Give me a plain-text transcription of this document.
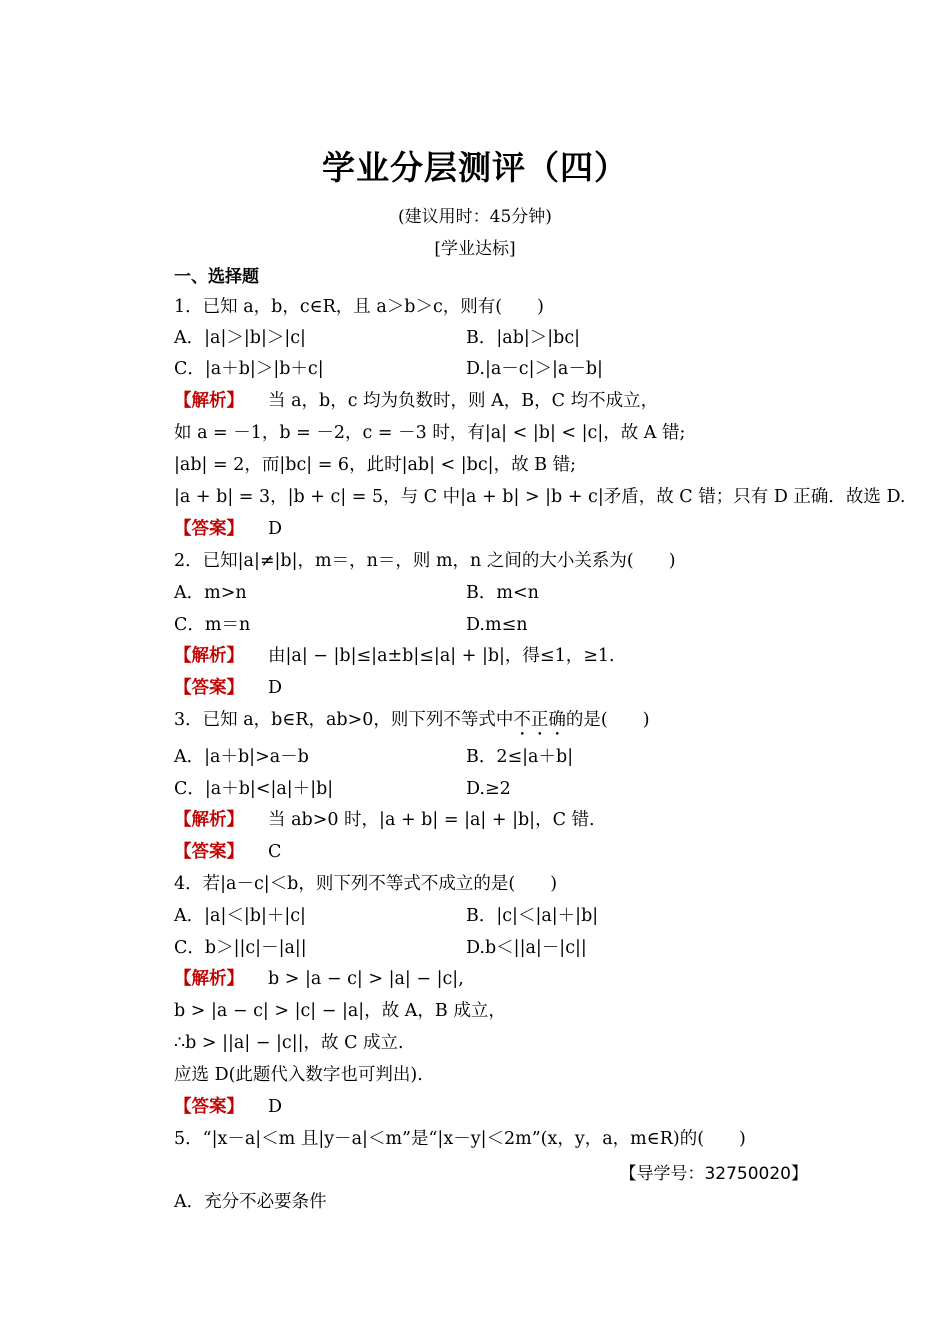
学业分层测评（四）
(建议用时：45分钟)
[学业达标]
一、选择题
1．已知 a，b，c∈R，且 a＞b＞c，则有(　　)
A．|a|＞|b|＞|c|	B．|ab|＞|bc|
C．|a＋b|＞|b＋c|	D.|a－c|＞|a－b|
【解析】 当 a，b，c 均为负数时，则 A，B，C 均不成立，
如 a = －1，b = －2，c = －3 时，有|a| < |b| < |c|，故 A 错;
|ab| = 2，而|bc| = 6，此时|ab| < |bc|，故 B 错;
|a + b| = 3，|b + c| = 5，与 C 中|a + b| > |b + c|矛盾，故 C 错；只有 D 正确．故选 D.
【答案】 D
2．已知|a|≠|b|，m＝，n＝，则 m，n 之间的大小关系为(　　)
A．m>n	B．m<n
C．m＝n	D.m≤n
【解析】 由|a| − |b|≤|a±b|≤|a| + |b|，得≤1，≥1.
【答案】 D
3．已知 a，b∈R，ab>0，则下列不等式中不正确的是(　　)
A．|a＋b|>a－b	B．2≤|a＋b|
C．|a＋b|<|a|＋|b|	D.≥2
【解析】 当 ab>0 时，|a + b| = |a| + |b|，C 错.
【答案】 C
4．若|a－c|＜b，则下列不等式不成立的是(　　)
A．|a|＜|b|＋|c|	B．|c|＜|a|＋|b|
C．b＞||c|－|a||	D.b＜||a|－|c||
【解析】 b > |a − c| > |a| − |c|,
b > |a − c| > |c| − |a|，故 A，B 成立，
∴b > ||a| − |c||，故 C 成立.
应选 D(此题代入数字也可判出).
【答案】 D
5．“|x－a|＜m 且|y－a|＜m”是“|x－y|＜2m”(x，y，a，m∈R)的(　　)
【导学号：32750020】
A．充分不必要条件
